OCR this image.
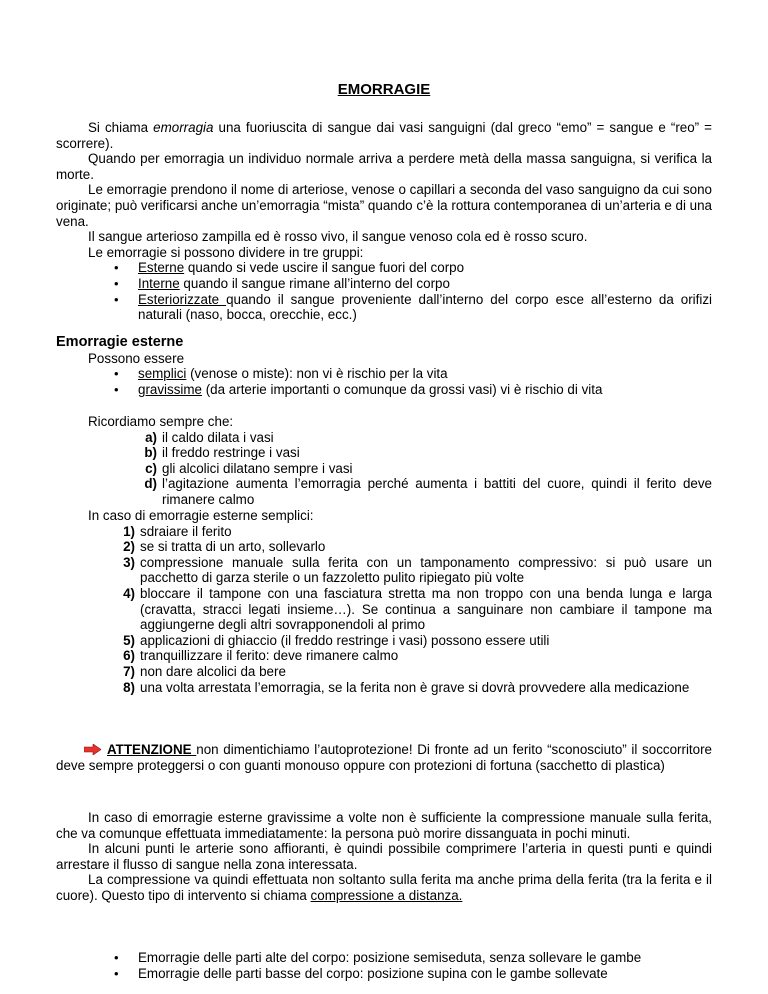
EMORRAGIE

Si chiama emorragia una fuoriuscita di sangue dai vasi sanguigni (dal greco “emo” = sangue e “reo” = scorrere).

Quando per emorragia un individuo normale arriva a perdere metà della massa sanguigna, si verifica la morte.

Le emorragie prendono il nome di arteriose, venose o capillari a seconda del vaso sanguigno da cui sono originate; può verificarsi anche un’emorragia “mista” quando c’è la rottura contemporanea di un’arteria e di una vena.

Il sangue arterioso zampilla ed è rosso vivo, il sangue venoso cola ed è rosso scuro.

Le emorragie si possono dividere in tre gruppi:

• Esterne quando si vede uscire il sangue fuori del corpo
• Interne quando il sangue rimane all’interno del corpo
• Esteriorizzate quando il sangue proveniente dall’interno del corpo esce all’esterno da orifizi naturali (naso, bocca, orecchie, ecc.)
Emorragie esterne

Possono essere

• semplici (venose o miste): non vi è rischio per la vita
• gravissime (da arterie importanti o comunque da grossi vasi) vi è rischio di vita

Ricordiamo sempre che:

a) il caldo dilata i vasi
b) il freddo restringe i vasi
c) gli alcolici dilatano sempre i vasi
d) l’agitazione aumenta l’emorragia perché aumenta i battiti del cuore, quindi il ferito deve rimanere calmo

In caso di emorragie esterne semplici:

1) sdraiare il ferito
2) se si tratta di un arto, sollevarlo
3) compressione manuale sulla ferita con un tamponamento compressivo: si può usare un pacchetto di garza sterile o un fazzoletto pulito ripiegato più volte
4) bloccare il tampone con una fasciatura stretta ma non troppo con una benda lunga e larga (cravatta, stracci legati insieme…). Se continua a sanguinare non cambiare il tampone ma aggiungerne degli altri sovrapponendoli al primo
5) applicazioni di ghiaccio (il freddo restringe i vasi) possono essere utili
6) tranquillizzare il ferito: deve rimanere calmo
7) non dare alcolici da bere
8) una volta arrestata l’emorragia, se la ferita non è grave si dovrà provvedere alla medicazione

ATTENZIONE non dimentichiamo l’autoprotezione! Di fronte ad un ferito “sconosciuto” il soccorritore deve sempre proteggersi o con guanti monouso oppure con protezioni di fortuna (sacchetto di plastica)

In caso di emorragie esterne gravissime a volte non è sufficiente la compressione manuale sulla ferita, che va comunque effettuata immediatamente: la persona può morire dissanguata in pochi minuti.

In alcuni punti le arterie sono affioranti, è quindi possibile comprimere l’arteria in questi punti e quindi arrestare il flusso di sangue nella zona interessata.

La compressione va quindi effettuata non soltanto sulla ferita ma anche prima della ferita (tra la ferita e il cuore). Questo tipo di intervento si chiama compressione a distanza.

• Emorragie delle parti alte del corpo: posizione semiseduta, senza sollevare le gambe
• Emorragie delle parti basse del corpo: posizione supina con le gambe sollevate
